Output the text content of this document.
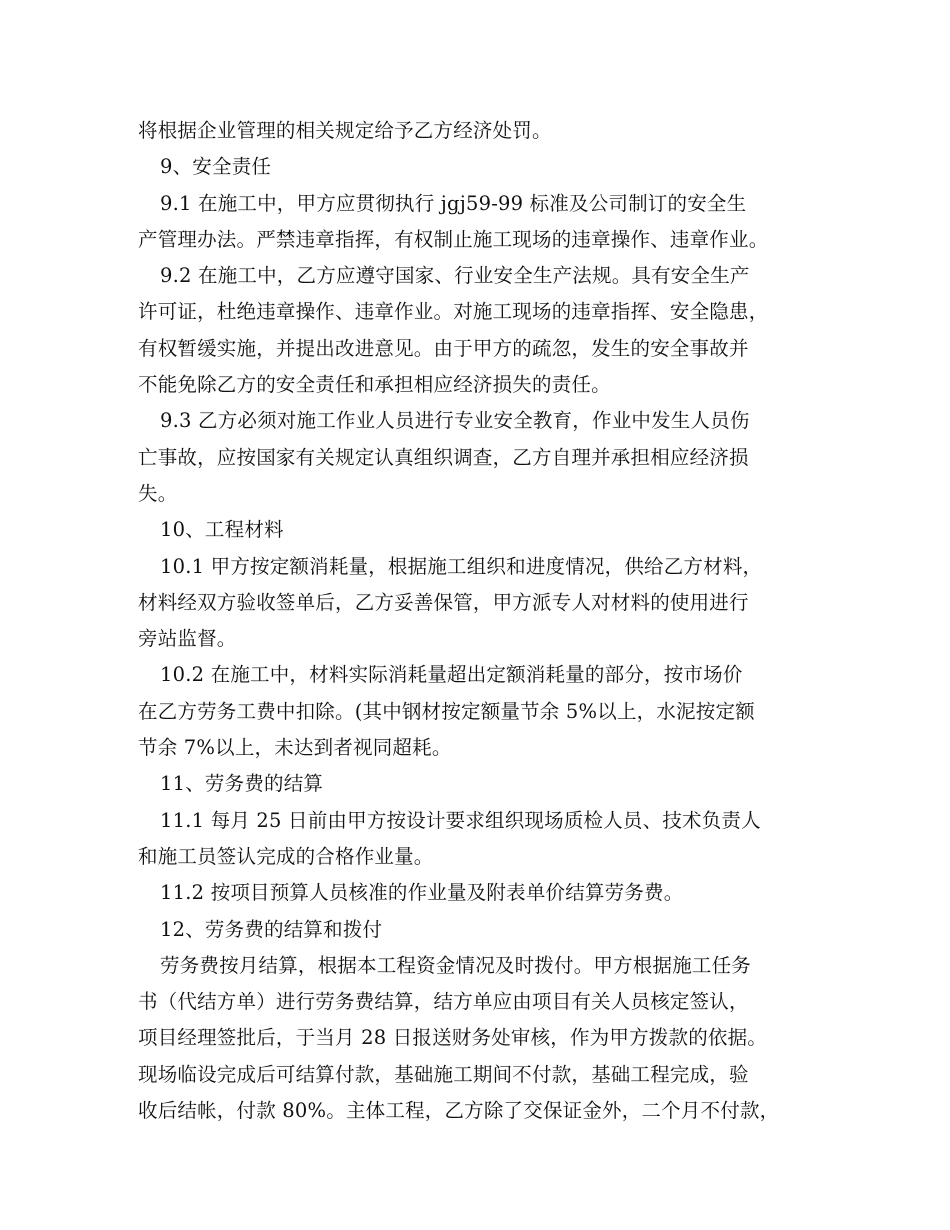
将根据企业管理的相关规定给予乙方经济处罚。
9、安全责任
9.1 在施工中，甲方应贯彻执行 jgj59-99 标准及公司制订的安全生
产管理办法。严禁违章指挥，有权制止施工现场的违章操作、违章作业。
9.2 在施工中，乙方应遵守国家、行业安全生产法规。具有安全生产
许可证，杜绝违章操作、违章作业。对施工现场的违章指挥、安全隐患，
有权暂缓实施，并提出改进意见。由于甲方的疏忽，发生的安全事故并
不能免除乙方的安全责任和承担相应经济损失的责任。
9.3 乙方必须对施工作业人员进行专业安全教育，作业中发生人员伤
亡事故，应按国家有关规定认真组织调查，乙方自理并承担相应经济损
失。
10、工程材料
10.1 甲方按定额消耗量，根据施工组织和进度情况，供给乙方材料，
材料经双方验收签单后，乙方妥善保管，甲方派专人对材料的使用进行
旁站监督。
10.2 在施工中，材料实际消耗量超出定额消耗量的部分，按市场价
在乙方劳务工费中扣除。(其中钢材按定额量节余 5%以上，水泥按定额
节余 7%以上，未达到者视同超耗。
11、劳务费的结算
11.1 每月 25 日前由甲方按设计要求组织现场质检人员、技术负责人
和施工员签认完成的合格作业量。
11.2 按项目预算人员核准的作业量及附表单价结算劳务费。
12、劳务费的结算和拨付
劳务费按月结算，根据本工程资金情况及时拨付。甲方根据施工任务
书（代结方单）进行劳务费结算，结方单应由项目有关人员核定签认，
项目经理签批后，于当月 28 日报送财务处审核，作为甲方拨款的依据。
现场临设完成后可结算付款，基础施工期间不付款，基础工程完成，验
收后结帐，付款 80%。主体工程，乙方除了交保证金外，二个月不付款，
